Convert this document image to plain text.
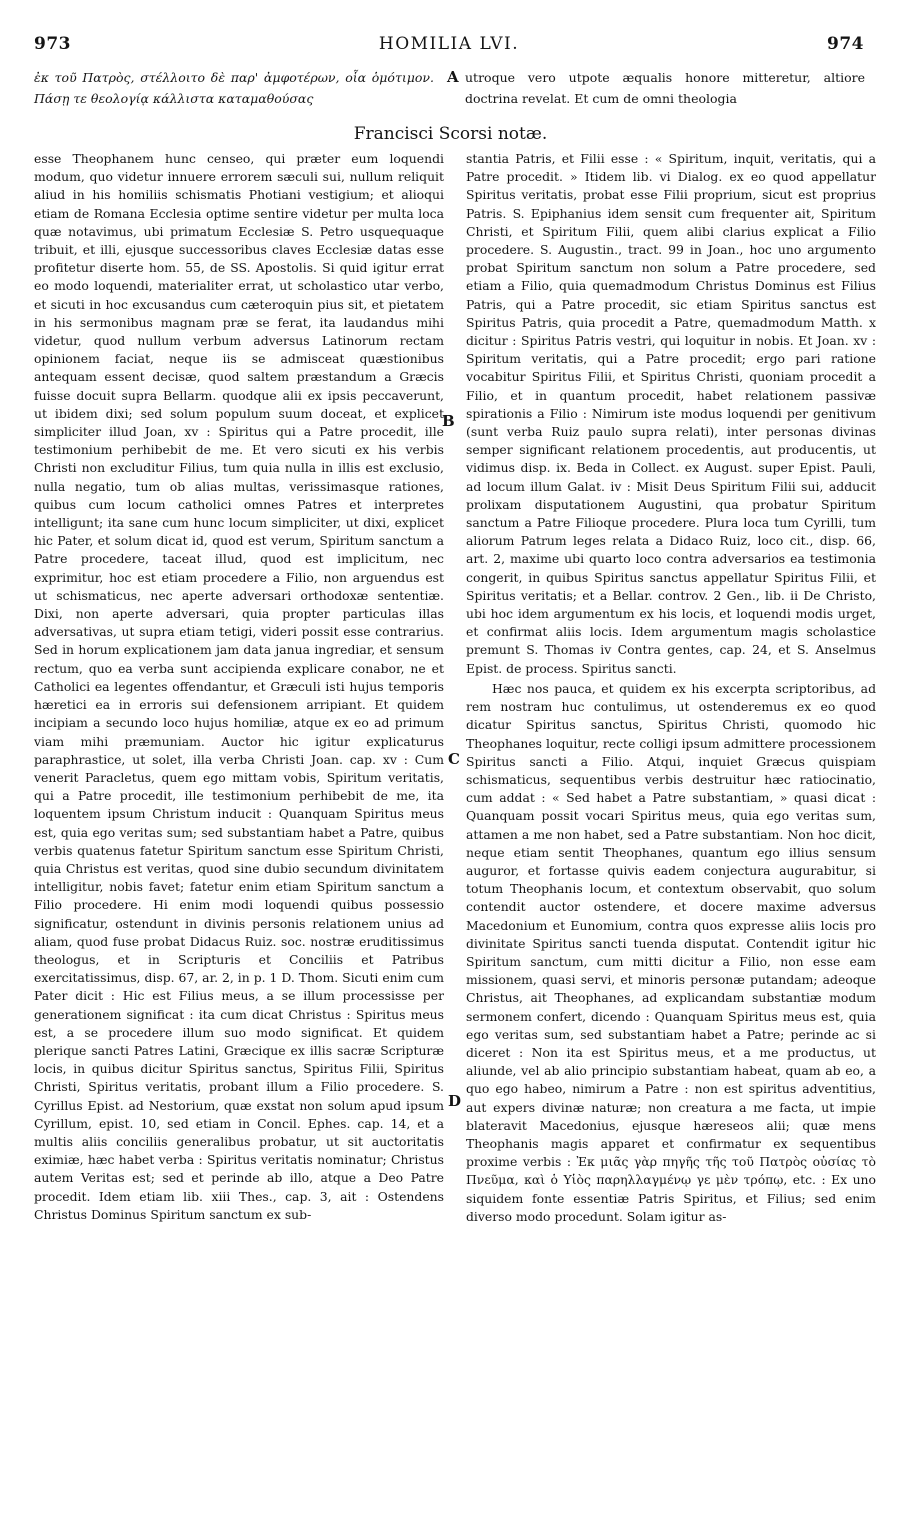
973	HOMILIA LVI.	974
ἐκ τοῦ Πατρὸς, στέλλοιτο δὲ παρ' ἀμφοτέρων, οἷα ὁμότιμον. Πάσῃ τε θεολογίᾳ κάλλιστα καταμαθούσας
utroque vero utpote æqualis honore mitteretur, altiore doctrina revelat. Et cum de omni theologia
A
B
C
D
Francisci Scorsi notæ.

esse Theophanem hunc censeo, qui præter eum loquendi modum, quo videtur innuere errorem sæculi sui, nullum reliquit aliud in his homiliis schismatis Photiani vestigium; et alioqui etiam de Romana Ecclesia optime sentire videtur per multa loca quæ notavimus, ubi primatum Ecclesiæ S. Petro usquequaque tribuit, et illi, ejusque successoribus claves Ecclesiæ datas esse profitetur diserte hom. 55, de SS. Apostolis. Si quid igitur errat eo modo loquendi, materialiter errat, ut scholastico utar verbo, et sicuti in hoc excusandus cum cæteroquin pius sit, et pietatem in his sermonibus magnam præ se ferat, ita laudandus mihi videtur, quod nullum verbum adversus Latinorum rectam opinionem faciat, neque iis se admisceat quæstionibus antequam essent decisæ, quod saltem præstandum a Græcis fuisse docuit supra Bellarm. quodque alii ex ipsis peccaverunt, ut ibidem dixi; sed solum populum suum doceat, et explicet simpliciter illud Joan, xv : Spiritus qui a Patre procedit, ille testimonium perhibebit de me. Et vero sicuti ex his verbis Christi non excluditur Filius, tum quia nulla in illis est exclusio, nulla negatio, tum ob alias multas, verissimasque rationes, quibus cum locum catholici omnes Patres et interpretes intelligunt; ita sane cum hunc locum simpliciter, ut dixi, explicet hic Pater, et solum dicat id, quod est verum, Spiritum sanctum a Patre procedere, taceat illud, quod est implicitum, nec exprimitur, hoc est etiam procedere a Filio, non arguendus est ut schismaticus, nec aperte adversari orthodoxæ sententiæ. Dixi, non aperte adversari, quia propter particulas illas adversativas, ut supra etiam tetigi, videri possit esse contrarius. Sed in horum explicationem jam data janua ingrediar, et sensum rectum, quo ea verba sunt accipienda explicare conabor, ne et Catholici ea legentes offendantur, et Græculi isti hujus temporis hæretici ea in erroris sui defensionem arripiant. Et quidem incipiam a secundo loco hujus homiliæ, atque ex eo ad primum viam mihi præmuniam. Auctor hic igitur explicaturus paraphrastice, ut solet, illa verba Christi Joan. cap. xv : Cum venerit Paracletus, quem ego mittam vobis, Spiritum veritatis, qui a Patre procedit, ille testimonium perhibebit de me, ita loquentem ipsum Christum inducit : Quanquam Spiritus meus est, quia ego veritas sum; sed substantiam habet a Patre, quibus verbis quatenus fatetur Spiritum sanctum esse Spiritum Christi, quia Christus est veritas, quod sine dubio secundum divinitatem intelligitur, nobis favet; fatetur enim etiam Spiritum sanctum a Filio procedere. Hi enim modi loquendi quibus possessio significatur, ostendunt in divinis personis relationem unius ad aliam, quod fuse probat Didacus Ruiz. soc. nostræ eruditissimus theologus, et in Scripturis et Conciliis et Patribus exercitatissimus, disp. 67, ar. 2, in p. 1 D. Thom. Sicuti enim cum Pater dicit : Hic est Filius meus, a se illum processisse per generationem significat : ita cum dicat Christus : Spiritus meus est, a se procedere illum suo modo significat. Et quidem plerique sancti Patres Latini, Græcique ex illis sacræ Scripturæ locis, in quibus dicitur Spiritus sanctus, Spiritus Filii, Spiritus Christi, Spiritus veritatis, probant illum a Filio procedere. S. Cyrillus Epist. ad Nestorium, quæ exstat non solum apud ipsum Cyrillum, epist. 10, sed etiam in Concil. Ephes. cap. 14, et a multis aliis conciliis generalibus probatur, ut sit auctoritatis eximiæ, hæc habet verba : Spiritus veritatis nominatur; Christus autem Veritas est; sed et perinde ab illo, atque a Deo Patre procedit. Idem etiam lib. xiii Thes., cap. 3, ait : Ostendens Christus Dominus Spiritum sanctum ex sub-

stantia Patris, et Filii esse : « Spiritum, inquit, veritatis, qui a Patre procedit. » Itidem lib. vi Dialog. ex eo quod appellatur Spiritus veritatis, probat esse Filii proprium, sicut est proprius Patris. S. Epiphanius idem sensit cum frequenter ait, Spiritum Christi, et Spiritum Filii, quem alibi clarius explicat a Filio procedere. S. Augustin., tract. 99 in Joan., hoc uno argumento probat Spiritum sanctum non solum a Patre procedere, sed etiam a Filio, quia quemadmodum Christus Dominus est Filius Patris, qui a Patre procedit, sic etiam Spiritus sanctus est Spiritus Patris, quia procedit a Patre, quemadmodum Matth. x dicitur : Spiritus Patris vestri, qui loquitur in nobis. Et Joan. xv : Spiritum veritatis, qui a Patre procedit; ergo pari ratione vocabitur Spiritus Filii, et Spiritus Christi, quoniam procedit a Filio, et in quantum procedit, habet relationem passivæ spirationis a Filio : Nimirum iste modus loquendi per genitivum (sunt verba Ruiz paulo supra relati), inter personas divinas semper significant relationem procedentis, aut producentis, ut vidimus disp. ix. Beda in Collect. ex August. super Epist. Pauli, ad locum illum Galat. iv : Misit Deus Spiritum Filii sui, adducit prolixam disputationem Augustini, qua probatur Spiritum sanctum a Patre Filioque procedere. Plura loca tum Cyrilli, tum aliorum Patrum leges relata a Didaco Ruiz, loco cit., disp. 66, art. 2, maxime ubi quarto loco contra adversarios ea testimonia congerit, in quibus Spiritus sanctus appellatur Spiritus Filii, et Spiritus veritatis; et a Bellar. controv. 2 Gen., lib. ii De Christo, ubi hoc idem argumentum ex his locis, et loquendi modis urget, et confirmat aliis locis. Idem argumentum magis scholastice premunt S. Thomas iv Contra gentes, cap. 24, et S. Anselmus Epist. de process. Spiritus sancti.

Hæc nos pauca, et quidem ex his excerpta scriptoribus, ad rem nostram huc contulimus, ut ostenderemus ex eo quod dicatur Spiritus sanctus, Spiritus Christi, quomodo hic Theophanes loquitur, recte colligi ipsum admittere processionem Spiritus sancti a Filio. Atqui, inquiet Græcus quispiam schismaticus, sequentibus verbis destruitur hæc ratiocinatio, cum addat : « Sed habet a Patre substantiam, » quasi dicat : Quanquam possit vocari Spiritus meus, quia ego veritas sum, attamen a me non habet, sed a Patre substantiam. Non hoc dicit, neque etiam sentit Theophanes, quantum ego illius sensum auguror, et fortasse quivis eadem conjectura augurabitur, si totum Theophanis locum, et contextum observabit, quo solum contendit auctor ostendere, et docere maxime adversus Macedonium et Eunomium, contra quos expresse aliis locis pro divinitate Spiritus sancti tuenda disputat. Contendit igitur hic Spiritum sanctum, cum mitti dicitur a Filio, non esse eam missionem, quasi servi, et minoris personæ putandam; adeoque Christus, ait Theophanes, ad explicandam substantiæ modum sermonem confert, dicendo : Quanquam Spiritus meus est, quia ego veritas sum, sed substantiam habet a Patre; perinde ac si diceret : Non ita est Spiritus meus, et a me productus, ut aliunde, vel ab alio principio substantiam habeat, quam ab eo, a quo ego habeo, nimirum a Patre : non est spiritus adventitius, aut expers divinæ naturæ; non creatura a me facta, ut impie blateravit Macedonius, ejusque hæreseos alii; quæ mens Theophanis magis apparet et confirmatur ex sequentibus proxime verbis : Ἐκ μιᾶς γὰρ πηγῆς τῆς τοῦ Πατρὸς οὐσίας τὸ Πνεῦμα, καὶ ὁ Υἱὸς παρηλλαγμένῳ γε μὲν τρόπῳ, etc. : Ex uno siquidem fonte essentiæ Patris Spiritus, et Filius; sed enim diverso modo procedunt. Solam igitur as-
